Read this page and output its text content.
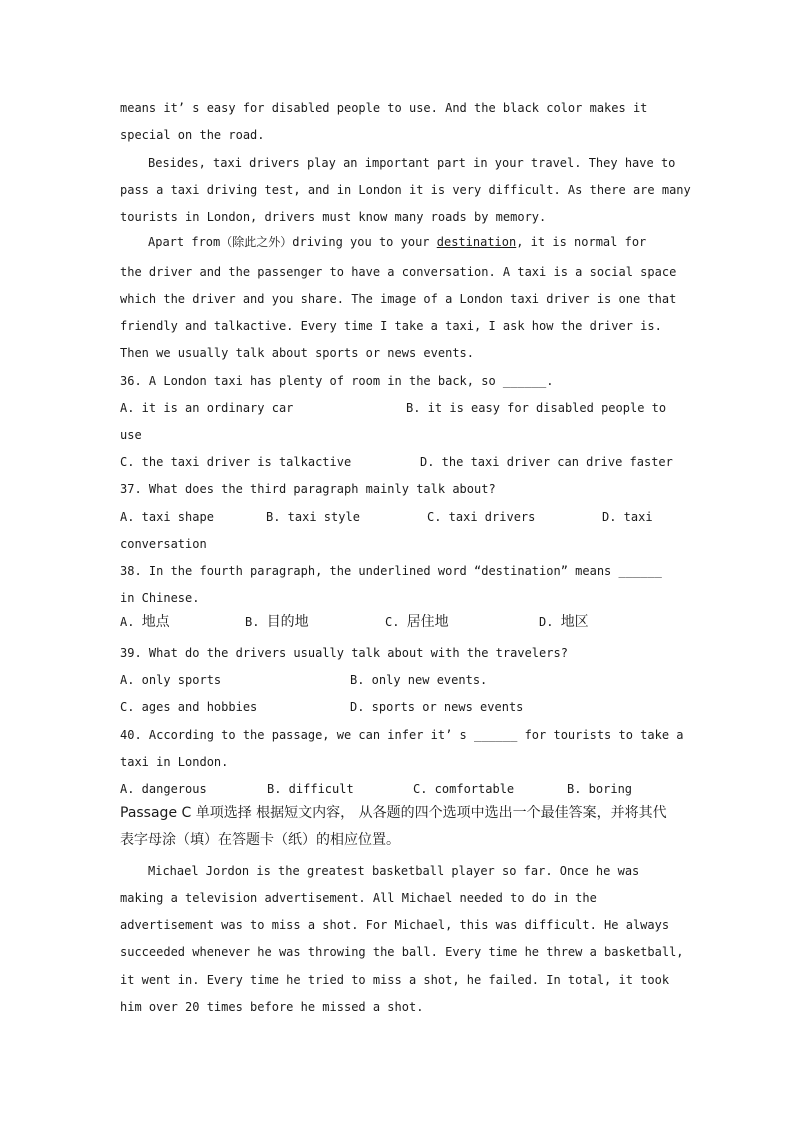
means it’ s easy for disabled people to use. And the black color makes it
special on the road.
Besides, taxi drivers play an important part in your travel. They have to
pass a taxi driving test, and in London it is very difficult. As there are many
tourists in London, drivers must know many roads by memory.
Apart from（除此之外）driving you to your destination, it is normal for
the driver and the passenger to have a conversation. A taxi is a social space
which the driver and you share. The image of a London taxi driver is one that
friendly and talkactive. Every time I take a taxi, I ask how the driver is.
Then we usually talk about sports or news events.
36. A London taxi has plenty of room in the back, so ______.
A. it is an ordinary car	B. it is easy for disabled people to
use
C. the taxi driver is talkactive	D. the taxi driver can drive faster
37. What does the third paragraph mainly talk about?
A. taxi shape	B. taxi style	C. taxi drivers	D. taxi
conversation
38. In the fourth paragraph, the underlined word “destination” means ______
in Chinese.
A. 地点	B. 目的地	C. 居住地	D. 地区
39. What do the drivers usually talk about with the travelers?
A. only sports	B. only new events.
C. ages and hobbies	D. sports or news events
40. According to the passage, we can infer it’ s ______ for tourists to take a
taxi in London.
A. dangerous	B. difficult	C. comfortable	B. boring
Passage C 单项选择 根据短文内容， 从各题的四个选项中选出一个最佳答案，并将其代
表字母涂（填）在答题卡（纸）的相应位置。
Michael Jordon is the greatest basketball player so far. Once he was
making a television advertisement. All Michael needed to do in the
advertisement was to miss a shot. For Michael, this was difficult. He always
succeeded whenever he was throwing the ball. Every time he threw a basketball,
it went in. Every time he tried to miss a shot, he failed. In total, it took
him over 20 times before he missed a shot.
